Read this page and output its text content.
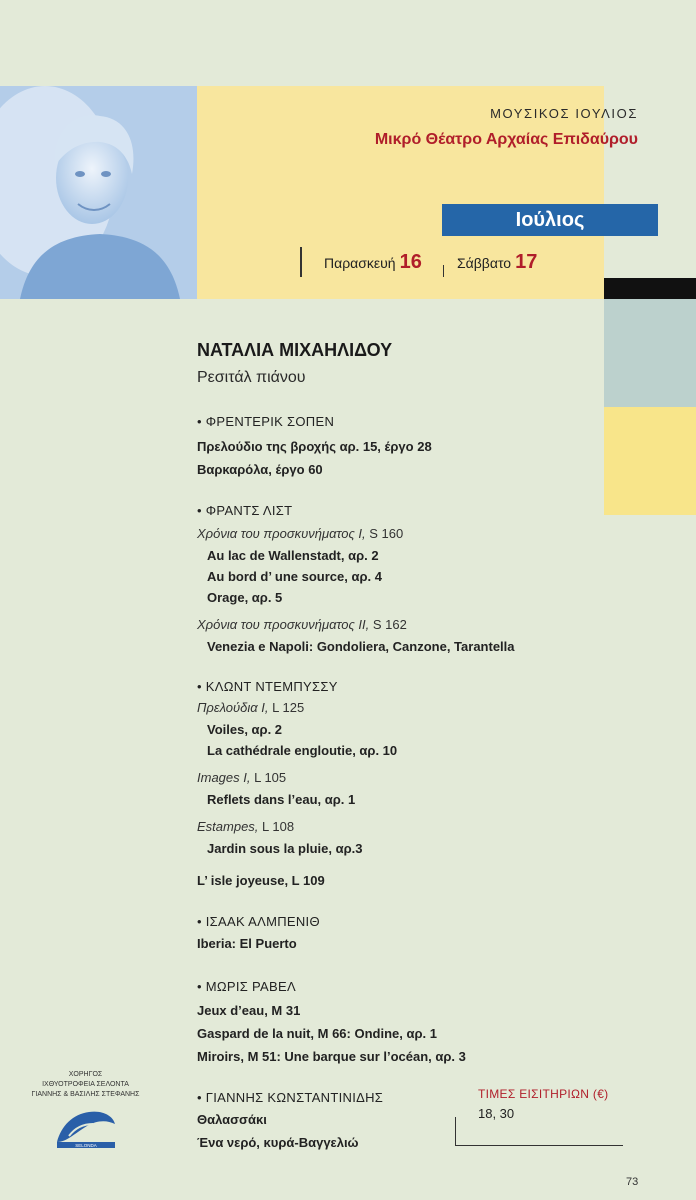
ΜΟΥΣΙΚΟΣ ΙΟΥΛΙΟΣ
Μικρό Θέατρο Αρχαίας Επιδαύρου
Ιούλιος
Παρασκευή 16	Σάββατο 17
ΝΑΤΑΛΙΑ ΜΙΧΑΗΛΙΔΟΥ
Ρεσιτάλ πιάνου
• ΦΡΕΝΤΕΡΙΚ ΣΟΠΕΝ
Πρελούδιο της βροχής αρ. 15, έργο 28
Βαρκαρόλα, έργο 60
• ΦΡΑΝΤΣ ΛΙΣΤ
Χρόνια του προσκυνήματος I, S 160
Au lac de Wallenstadt, αρ. 2
Au bord d’ une source, αρ. 4
Orage, αρ. 5
Χρόνια του προσκυνήματος II, S 162
Venezia e Napoli: Gondoliera, Canzone, Tarantella
• ΚΛΩΝΤ ΝΤΕΜΠΥΣΣΥ
Πρελούδια I, L 125
Voiles, αρ. 2
La cathédrale engloutie, αρ. 10
Images I, L 105
Reflets dans l’eau, αρ. 1
Estampes, L 108
Jardin sous la pluie, αρ.3
L’ isle joyeuse, L 109
• ΙΣΑΑΚ ΑΛΜΠΕΝΙΘ
Iberia: El Puerto
• ΜΩΡΙΣ ΡΑΒΕΛ
Jeux d’eau, M 31
Gaspard de la nuit, M 66: Ondine, αρ. 1
Miroirs, M 51: Une barque sur l’océan, αρ. 3
• ΓΙΑΝΝΗΣ ΚΩΝΣΤΑΝΤΙΝΙΔΗΣ
Θαλασσάκι
Ένα νερό, κυρά-Βαγγελιώ
ΧΟΡΗΓΟΣ
ΙΧΘΥΟΤΡΟΦΕΙΑ ΣΕΛΟΝΤΑ
ΓΙΑΝΝΗΣ & ΒΑΣΙΛΗΣ ΣΤΕΦΑΝΗΣ
SELONDA
ΤΙΜΕΣ ΕΙΣΙΤΗΡΙΩΝ (€)
18, 30
73
